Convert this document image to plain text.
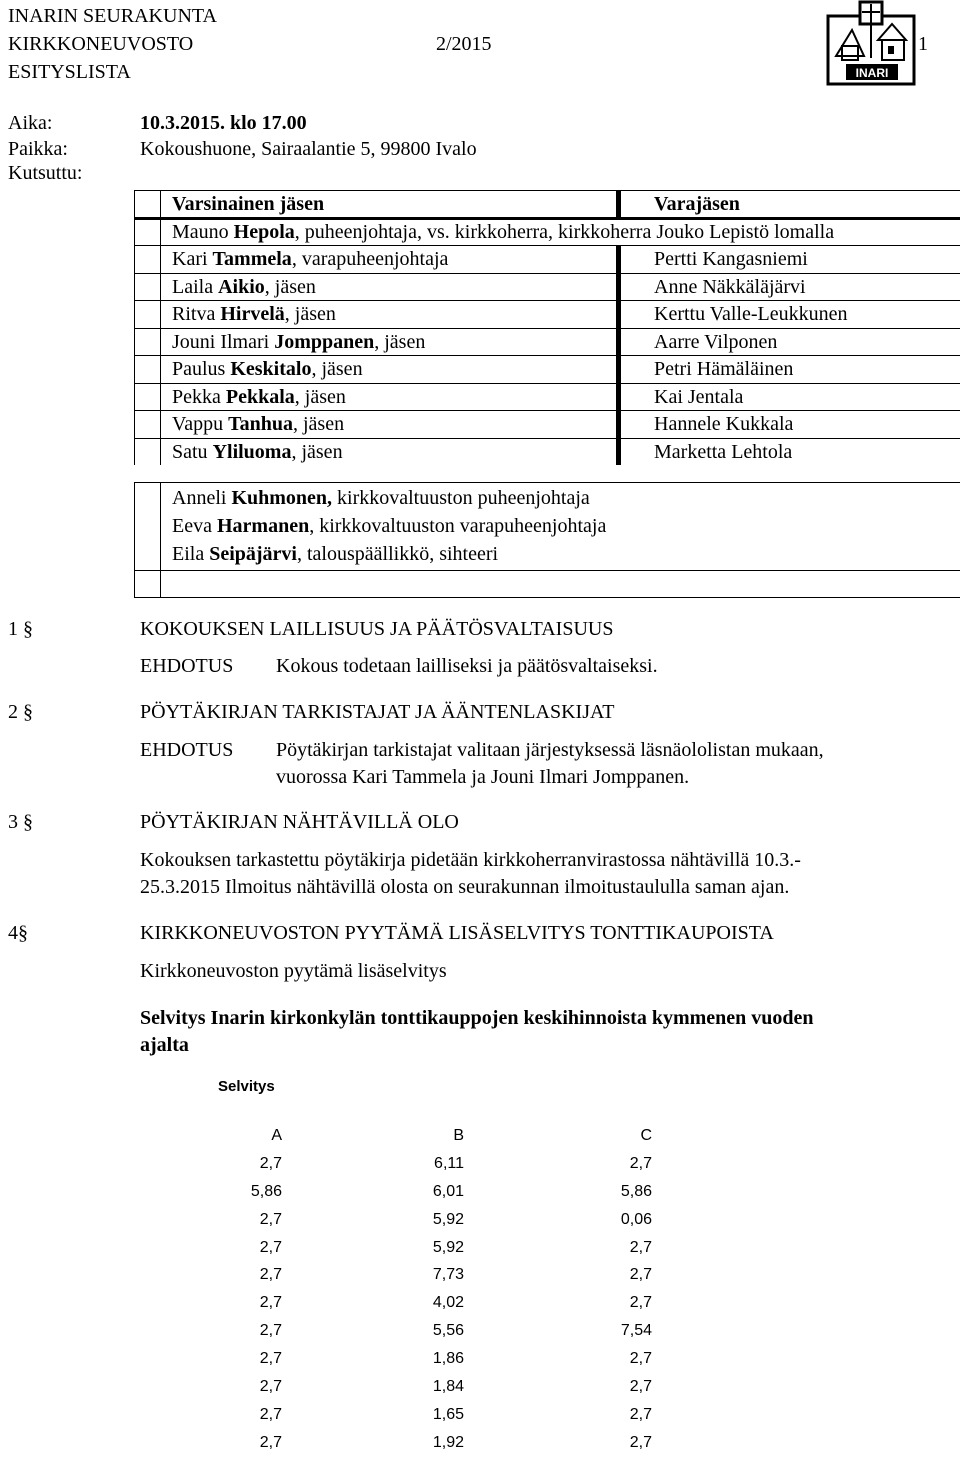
INARIN SEURAKUNTA
KIRKKONEUVOSTO	2/2015
ESITYSLISTA	INARI
1
Aika:	10.3.2015. klo 17.00
Paikka:	Kokoushuone, Sairaalantie 5, 99800 Ivalo
Kutsuttu:
Varsinainen jäsen	Varajäsen
Mauno Hepola, puheenjohtaja, vs. kirkkoherra, kirkkoherra Jouko Lepistö lomalla
Kari Tammela, varapuheenjohtaja	Pertti Kangasniemi
Laila Aikio, jäsen	Anne Näkkäläjärvi
Ritva Hirvelä, jäsen	Kerttu Valle-Leukkunen
Jouni Ilmari Jomppanen, jäsen	Aarre Vilponen
Paulus Keskitalo, jäsen	Petri Hämäläinen
Pekka Pekkala, jäsen	Kai Jentala
Vappu Tanhua, jäsen	Hannele Kukkala
Satu Yliluoma, jäsen	Marketta Lehtola
Anneli Kuhmonen, kirkkovaltuuston puheenjohtaja
Eeva Harmanen, kirkkovaltuuston varapuheenjohtaja
Eila Seipäjärvi, talouspäällikkö, sihteeri
1 §	KOKOUKSEN LAILLISUUS JA PÄÄTÖSVALTAISUUS
EHDOTUS Kokous todetaan lailliseksi ja päätösvaltaiseksi.
2 §	PÖYTÄKIRJAN TARKISTAJAT JA ÄÄNTENLASKIJAT
EHDOTUS Pöytäkirjan tarkistajat valitaan järjestyksessä läsnäololistan mukaan,
vuorossa Kari Tammela ja Jouni Ilmari Jomppanen.
3 §	PÖYTÄKIRJAN NÄHTÄVILLÄ OLO
Kokouksen tarkastettu pöytäkirja pidetään kirkkoherranvirastossa nähtävillä 10.3.-
25.3.2015 Ilmoitus nähtävillä olosta on seurakunnan ilmoitustaululla saman ajan.
4§	KIRKKONEUVOSTON PYYTÄMÄ LISÄSELVITYS TONTTIKAUPOISTA
Kirkkoneuvoston pyytämä lisäselvitys
Selvitys Inarin kirkonkylän tonttikauppojen keskihinnoista kymmenen vuoden
ajalta
Selvitys
A	B	C
2,7	6,11	2,7
5,86	6,01	5,86
2,7	5,92	0,06
2,7	5,92	2,7
2,7	7,73	2,7
2,7	4,02	2,7
2,7	5,56	7,54
2,7	1,86	2,7
2,7	1,84	2,7
2,7	1,65	2,7
2,7	1,92	2,7
